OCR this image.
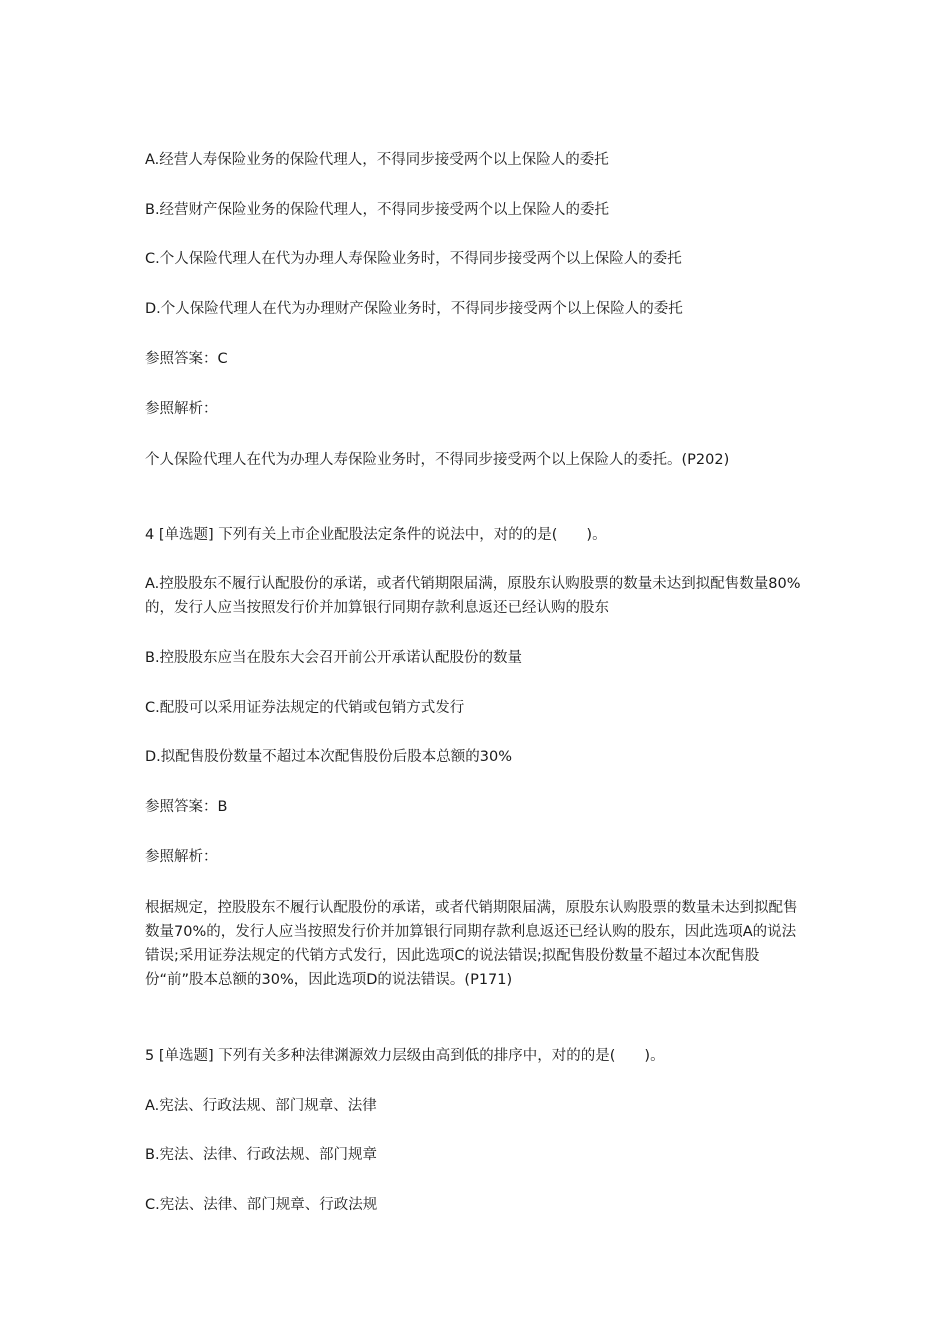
A.经营人寿保险业务的保险代理人，不得同步接受两个以上保险人的委托

B.经营财产保险业务的保险代理人，不得同步接受两个以上保险人的委托

C.个人保险代理人在代为办理人寿保险业务时，不得同步接受两个以上保险人的委托

D.个人保险代理人在代为办理财产保险业务时，不得同步接受两个以上保险人的委托

参照答案：C

参照解析：

个人保险代理人在代为办理人寿保险业务时，不得同步接受两个以上保险人的委托。(P202)

4 [单选题] 下列有关上市企业配股法定条件的说法中，对的的是(　　)。

A.控股股东不履行认配股份的承诺，或者代销期限届满，原股东认购股票的数量未达到拟配售数量80%的，发行人应当按照发行价并加算银行同期存款利息返还已经认购的股东

B.控股股东应当在股东大会召开前公开承诺认配股份的数量

C.配股可以采用证券法规定的代销或包销方式发行

D.拟配售股份数量不超过本次配售股份后股本总额的30%

参照答案：B

参照解析：

根据规定，控股股东不履行认配股份的承诺，或者代销期限届满，原股东认购股票的数量未达到拟配售数量70%的，发行人应当按照发行价并加算银行同期存款利息返还已经认购的股东，因此选项A的说法错误;采用证券法规定的代销方式发行，因此选项C的说法错误;拟配售股份数量不超过本次配售股份“前”股本总额的30%，因此选项D的说法错误。(P171)

5 [单选题] 下列有关多种法律渊源效力层级由高到低的排序中，对的的是(　　)。

A.宪法、行政法规、部门规章、法律

B.宪法、法律、行政法规、部门规章

C.宪法、法律、部门规章、行政法规
